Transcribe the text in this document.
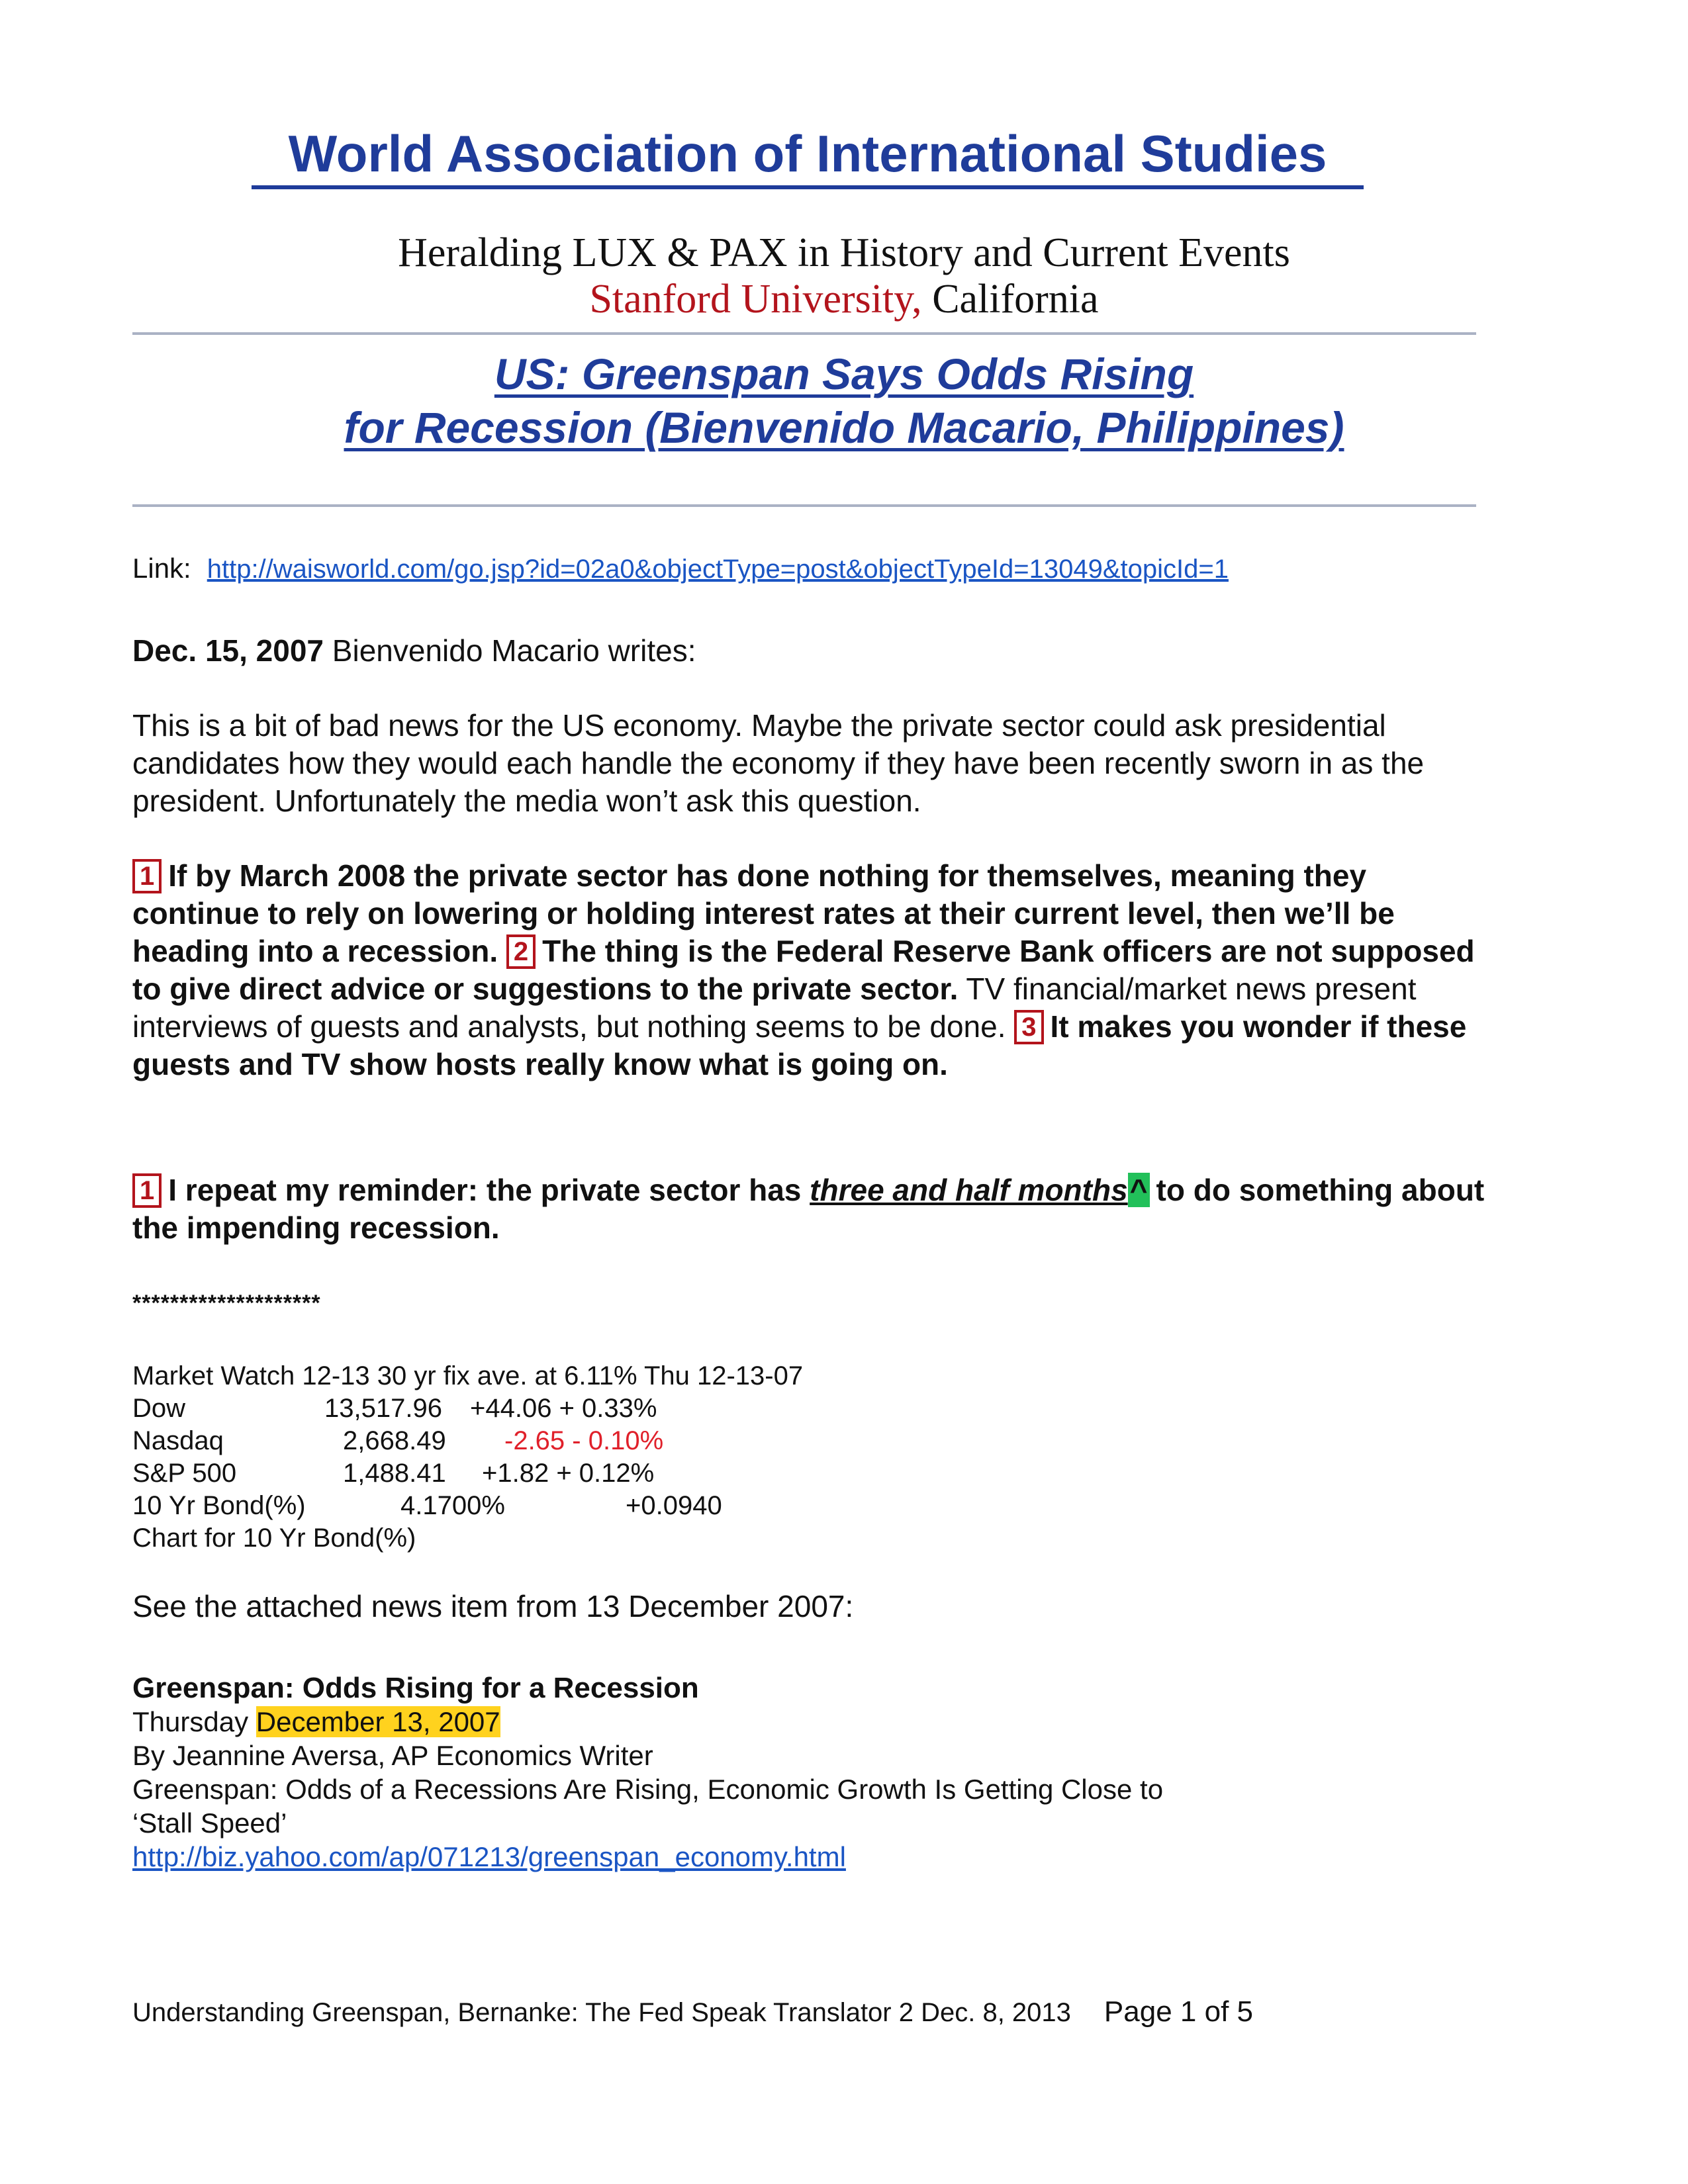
World Association of International Studies
Heralding LUX & PAX in History and Current Events
Stanford University, California
US: Greenspan Says Odds Rising
for Recession (Bienvenido Macario, Philippines)
Link: http://waisworld.com/go.jsp?id=02a0&objectType=post&objectTypeId=13049&topicId=1
Dec. 15, 2007 Bienvenido Macario writes:
This is a bit of bad news for the US economy. Maybe the private sector could ask presidential candidates how they would each handle the economy if they have been recently sworn in as the president. Unfortunately the media won’t ask this question.
1 If by March 2008 the private sector has done nothing for themselves, meaning they continue to rely on lowering or holding interest rates at their current level, then we’ll be heading into a recession. 2 The thing is the Federal Reserve Bank officers are not supposed to give direct advice or suggestions to the private sector. TV financial/market news present interviews of guests and analysts, but nothing seems to be done. 3 It makes you wonder if these guests and TV show hosts really know what is going on.
1 I repeat my reminder: the private sector has three and half months^ to do something about the impending recession.
********************
Market Watch 12-13 30 yr fix ave. at 6.11% Thu 12-13-07
Dow	13,517.96 +44.06 + 0.33%
Nasdaq	2,668.49 -2.65 - 0.10%
S&P 500	1,488.41 +1.82 + 0.12%
10 Yr Bond(%)	4.1700%	+0.0940
Chart for 10 Yr Bond(%)
See the attached news item from 13 December 2007:
Greenspan: Odds Rising for a Recession
Thursday December 13, 2007
By Jeannine Aversa, AP Economics Writer
Greenspan: Odds of a Recessions Are Rising, Economic Growth Is Getting Close to ‘Stall Speed’
http://biz.yahoo.com/ap/071213/greenspan_economy.html
Understanding Greenspan, Bernanke: The Fed Speak Translator 2 Dec. 8, 2013 Page 1 of 5
